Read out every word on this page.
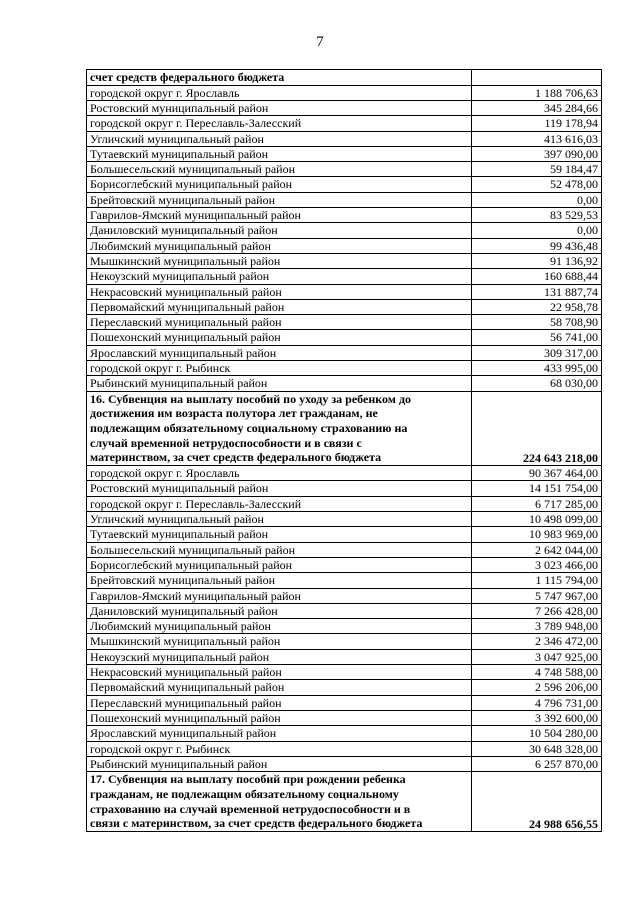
7
счет средств федерального бюджета	
городской округ г. Ярославль	1 188 706,63
Ростовский муниципальный район	345 284,66
городской округ г. Переславль-Залесский	119 178,94
Угличский муниципальный район	413 616,03
Тутаевский муниципальный район	397 090,00
Большесельский муниципальный район	59 184,47
Борисоглебский муниципальный район	52 478,00
Брейтовский муниципальный район	0,00
Гаврилов-Ямский муниципальный район	83 529,53
Даниловский муниципальный район	0,00
Любимский муниципальный район	99 436,48
Мышкинский муниципальный район	91 136,92
Некоузский муниципальный район	160 688,44
Некрасовский муниципальный район	131 887,74
Первомайский муниципальный район	22 958,78
Переславский муниципальный район	58 708,90
Пошехонский муниципальный район	56 741,00
Ярославский муниципальный район	309 317,00
городской округ г. Рыбинск	433 995,00
Рыбинский муниципальный район	68 030,00
16. Субвенция на выплату пособий по уходу за ребенком до
достижения им возраста полутора лет гражданам, не
подлежащим обязательному социальному страхованию на
случай временной нетрудоспособности и в связи с
материнством, за счет средств федерального бюджета	224 643 218,00
городской округ г. Ярославль	90 367 464,00
Ростовский муниципальный район	14 151 754,00
городской округ г. Переславль-Залесский	6 717 285,00
Угличский муниципальный район	10 498 099,00
Тутаевский муниципальный район	10 983 969,00
Большесельский муниципальный район	2 642 044,00
Борисоглебский муниципальный район	3 023 466,00
Брейтовский муниципальный район	1 115 794,00
Гаврилов-Ямский муниципальный район	5 747 967,00
Даниловский муниципальный район	7 266 428,00
Любимский муниципальный район	3 789 948,00
Мышкинский муниципальный район	2 346 472,00
Некоузский муниципальный район	3 047 925,00
Некрасовский муниципальный район	4 748 588,00
Первомайский муниципальный район	2 596 206,00
Переславский муниципальный район	4 796 731,00
Пошехонский муниципальный район	3 392 600,00
Ярославский муниципальный район	10 504 280,00
городской округ г. Рыбинск	30 648 328,00
Рыбинский муниципальный район	6 257 870,00
17. Субвенция на выплату пособий при рождении ребенка
гражданам, не подлежащим обязательному социальному
страхованию на случай временной нетрудоспособности и в
связи с материнством, за счет средств федерального бюджета	24 988 656,55
